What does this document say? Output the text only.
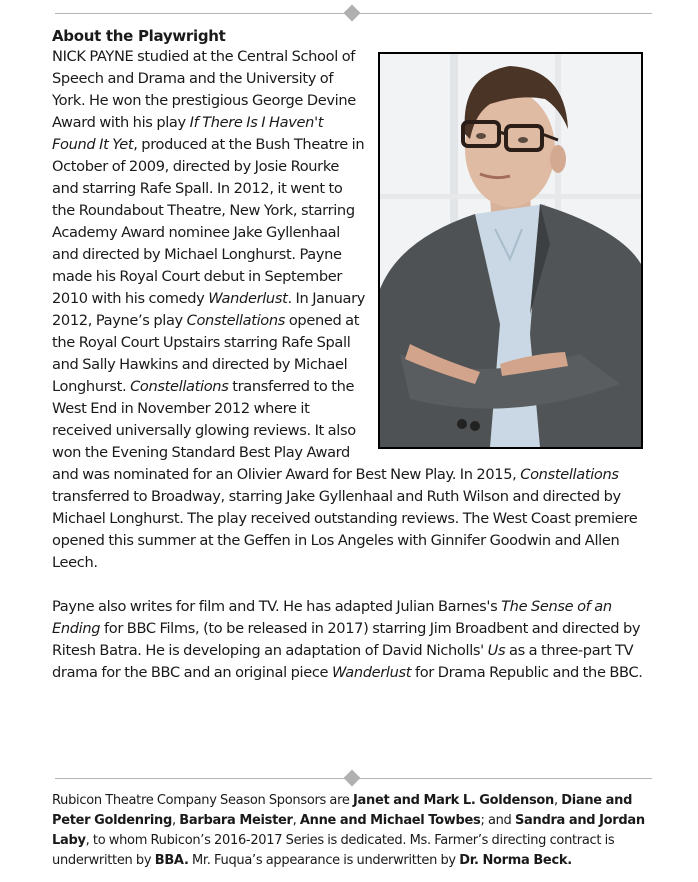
About the Playwright

NICK PAYNE studied at the Central School of Speech and Drama and the University of York. He won the prestigious George Devine Award with his play If There Is I Haven't Found It Yet, produced at the Bush Theatre in October of 2009, directed by Josie Rourke and starring Rafe Spall. In 2012, it went to the Roundabout Theatre, New York, starring Academy Award nominee Jake Gyllenhaal and directed by Michael Longhurst. Payne made his Royal Court debut in September 2010 with his comedy Wanderlust. In January 2012, Payne’s play Constellations opened at the Royal Court Upstairs starring Rafe Spall and Sally Hawkins and directed by Michael Longhurst. Constellations transferred to the West End in November 2012 where it received universally glowing reviews. It also won the Evening Standard Best Play Award and was nominated for an Olivier Award for Best New Play. In 2015, Constellations transferred to Broadway, starring Jake Gyllenhaal and Ruth Wilson and directed by Michael Longhurst. The play received outstanding reviews. The West Coast premiere opened this summer at the Geffen in Los Angeles with Ginnifer Goodwin and Allen Leech.

Payne also writes for film and TV. He has adapted Julian Barnes's The Sense of an Ending for BBC Films, (to be released in 2017) starring Jim Broadbent and directed by Ritesh Batra. He is developing an adaptation of David Nicholls' Us as a three-part TV drama for the BBC and an original piece Wanderlust for Drama Republic and the BBC.

Rubicon Theatre Company Season Sponsors are Janet and Mark L. Goldenson, Diane and Peter Goldenring, Barbara Meister, Anne and Michael Towbes; and Sandra and Jordan Laby, to whom Rubicon’s 2016-2017 Series is dedicated. Ms. Farmer’s directing contract is underwritten by BBA. Mr. Fuqua’s appearance is underwritten by Dr. Norma Beck.
